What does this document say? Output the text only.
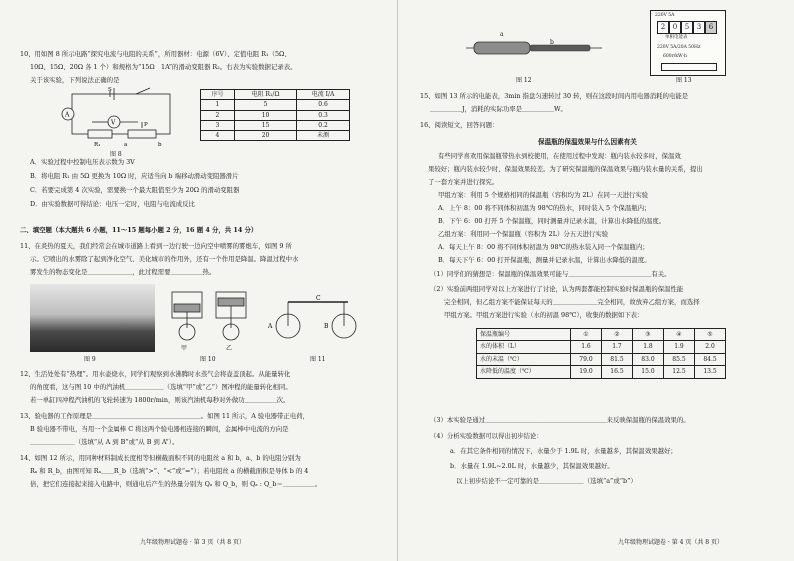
10、用如图 8 所示电路“探究电流与电阻的关系”，所用器材：电源（6V）、定值电阻 R₁（5Ω、
10Ω、15Ω、20Ω 各 1 个）和规格为“15Ω　1A”的滑动变阻器 R₂。右表为实验数据记录表。
关于该实验，下列说法正确的是
A
V
S
R₁	a	b
P
图 8
序号	电阻 R₁/Ω	电流 I/A
1	5	0.6
2	10	0.3
3	15	0.2
4	20	未测
A．实验过程中控制电压表示数为 3V
B．将电阻 R₁ 由 5Ω 更换为 10Ω 时，应适当向 b 端移动滑动变阻器滑片
C．若要完成第 4 次实验，需要换一个最大阻值至少为 20Ω 的滑动变阻器
D．由实验数据可得结论：电压一定时，电阻与电流成反比
二、填空题（本大题共 6 小题，11～15 题每小题 2 分，16 题 4 分，共 14 分）
11、在炎热的夏天，我们经常会在城市道路上看到一边行驶一边向空中喷雾的雾炮车，如图 9 所
示。它喷出的水雾除了起到净化空气、美化城市的作用外，还有一个作用是降温。降温过程中水
雾发生的物态变化是＿＿＿＿＿＿＿，此过程需要＿＿＿＿＿热。
图 9
甲	乙
图 10
A	B
C
图 11
12、生活处处有“热理”。用水壶烧水，同学们观察到水沸腾时水蒸气会将壶盖顶起。从能量转化
的角度看，这与图 10 中的汽油机＿＿＿＿＿＿（选填“甲”或“乙”）图冲程的能量转化相同。
若一单缸四冲程汽油机的飞轮转速为 1800r/min，则该汽油机每秒对外做功＿＿＿＿＿次。
13、验电器的工作原理是＿＿＿＿＿＿＿＿＿＿＿＿＿＿＿＿＿。如图 11 所示，A 验电器带正电荷，
B 验电器不带电，当用一个金属棒 C 将这两个验电器相连接的瞬间，金属棒中电流的方向是
＿＿＿＿＿＿＿（选填“从 A 到 B”或“从 B 到 A”）。
14、如图 12 所示，用同种材料制成长度相等但横截面积不同的电阻丝 a 和 b，a、b 的电阻分别为
Rₐ 和 R_b，由图可知 Rₐ＿＿R_b（选填“>”、“<”或“=”）；若电阻丝 a 的横截面积是导体 b 的 4
倍，把它们连接起来接入电路中，则通电后产生的热量分别为 Qₐ 和 Q_b，则 Qₐ : Q_b＝＿＿＿＿＿。
九年级物理试题卷 · 第 3 页（共 8 页）
a
b
图 12
220V 5A
2	0	5	3	6
单相电能表
220V 5A/20A 50Hz
600r/kW·h
图 13
15、如图 13 所示的电能表，3min 指盘匀速转过 30 转，则在这段时间内用电器消耗的电能是
＿＿＿＿＿J，消耗的实际功率是＿＿＿＿＿W。
16、阅读短文，回答问题：
保温瓶的保温效果与什么因素有关
有些同学喜欢用保温瓶带热水到校使用，在使用过程中发现：瓶内装水较多时，保温效
果较好；瓶内装水较少时，保温效果较差。为了研究保温瓶的保温效果与瓶内装水量的关系，提出
了一套方案并进行探究。
甲组方案：利用 5 个规格相同的保温瓶（容积均为 2L）在同一天进行实验
A．上午 8：00 将不同体积初温为 98℃的热水，同时装入 5 个保温瓶内；
B．下午 6：00 打开 5 个保温瓶，同时测量并记录水温，计算出水降低的温度。
乙组方案：利用同一个保温瓶（容积为 2L）分五天进行实验
A．每天上午 8：00 将不同体积初温为 98℃的热水装入同一个保温瓶内；
B．每天下午 6：00 打开保温瓶，测量并记录水温，计算出水降低的温度。
（1）同学们的猜想是：保温瓶的保温效果可能与＿＿＿＿＿＿＿＿＿＿＿＿＿有关。
（2）实验前两组同学对以上方案进行了讨论，认为两套都能控制实验时保温瓶的保温性能
完全相同，但乙组方案不能保证每天的＿＿＿＿＿＿＿完全相同，故放弃乙组方案，而选择
甲组方案。甲组方案进行实验（水的初温 98℃），收集的数据如下表：
保温瓶编号	①	②	③	④	⑤
水的体积（L）	1.6	1.7	1.8	1.9	2.0
水的末温（℃）	79.0	81.5	83.0	85.5	84.5
水降低的温度（℃）	19.0	16.5	15.0	12.5	13.5
（3）本实验是通过＿＿＿＿＿＿＿＿＿＿＿＿＿＿＿＿＿＿＿来反映保温瓶的保温效果的。
（4）分析实验数据可以得出初步结论：
a．在其它条件相同的情况下，水量少于 1.9L 时，水量越多，其保温效果越好；
b．水量在 1.9L~2.0L 时，水量越少，其保温效果越好。
以上初步结论不一定可靠的是＿＿＿＿＿＿＿（选填“a”或“b”）
九年级物理试题卷 · 第 4 页（共 8 页）
